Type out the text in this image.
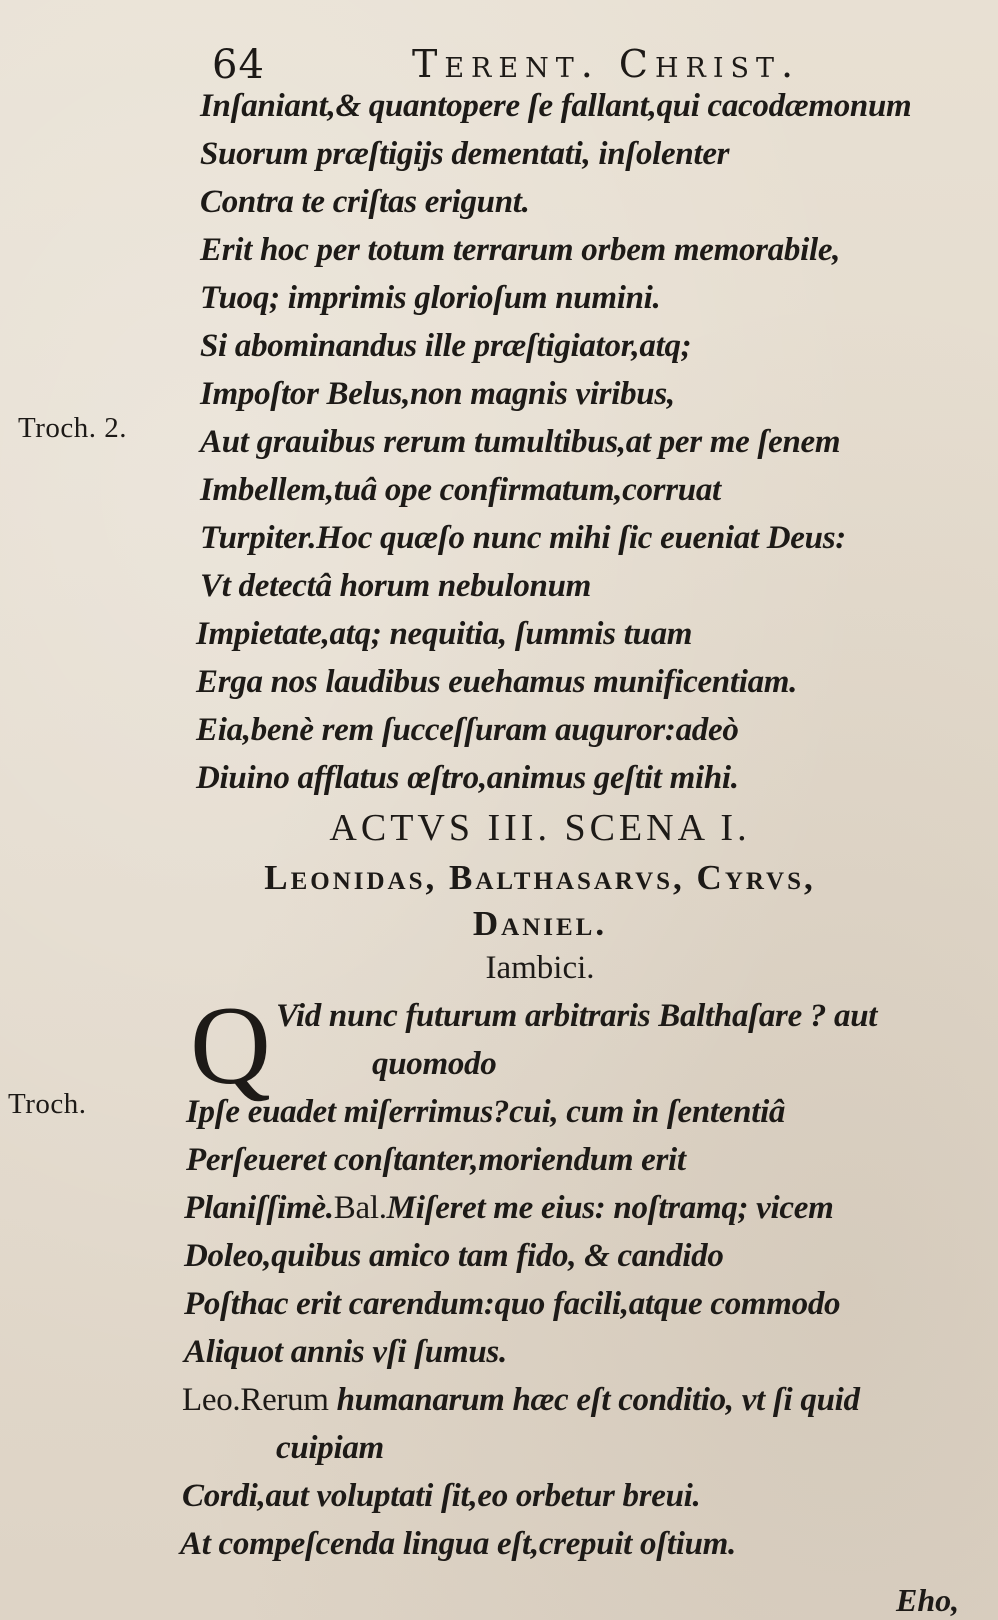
64	Terent. Christ.
Inſaniant,& quantopere ſe fallant,qui cacodæmonum
Suorum præſtigijs dementati, inſolenter
Contra te criſtas erigunt.
Erit hoc per totum terrarum orbem memorabile,
Tuoq; imprimis glorioſum numini.
Si abominandus ille præſtigiator,atq;
Impoſtor Belus,non magnis viribus,
Aut grauibus rerum tumultibus,at per me ſenem
Imbellem,tuâ ope confirmatum,corruat
Turpiter.Hoc quæſo nunc mihi ſic eueniat Deus:
Vt detectâ horum nebulonum
Impietate,atq; nequitia, ſummis tuam
Erga nos laudibus euehamus munificentiam.
Eia,benè rem ſucceſſuram auguror:adeò
Diuino afflatus œſtro,animus geſtit mihi.
Troch. 2.
Troch.
ACTVS III. SCENA I.
Leonidas, Balthasarvs, Cyrvs,
Daniel.
Iambici.
Q Vid nunc futurum arbitraris Balthaſare ? aut
quomodo
Ipſe euadet miſerrimus?cui, cum in ſententiâ
Perſeueret conſtanter,moriendum erit
Planiſſimè.Bal.Miſeret me eius: noſtramq; vicem
Doleo,quibus amico tam fido, & candido
Poſthac erit carendum:quo facili,atque commodo
Aliquot annis vſi ſumus.
Leo.Rerum humanarum hæc eſt conditio, vt ſi quid
cuipiam
Cordi,aut voluptati ſit,eo orbetur breui.
At compeſcenda lingua eſt,crepuit oſtium.
Eho,
